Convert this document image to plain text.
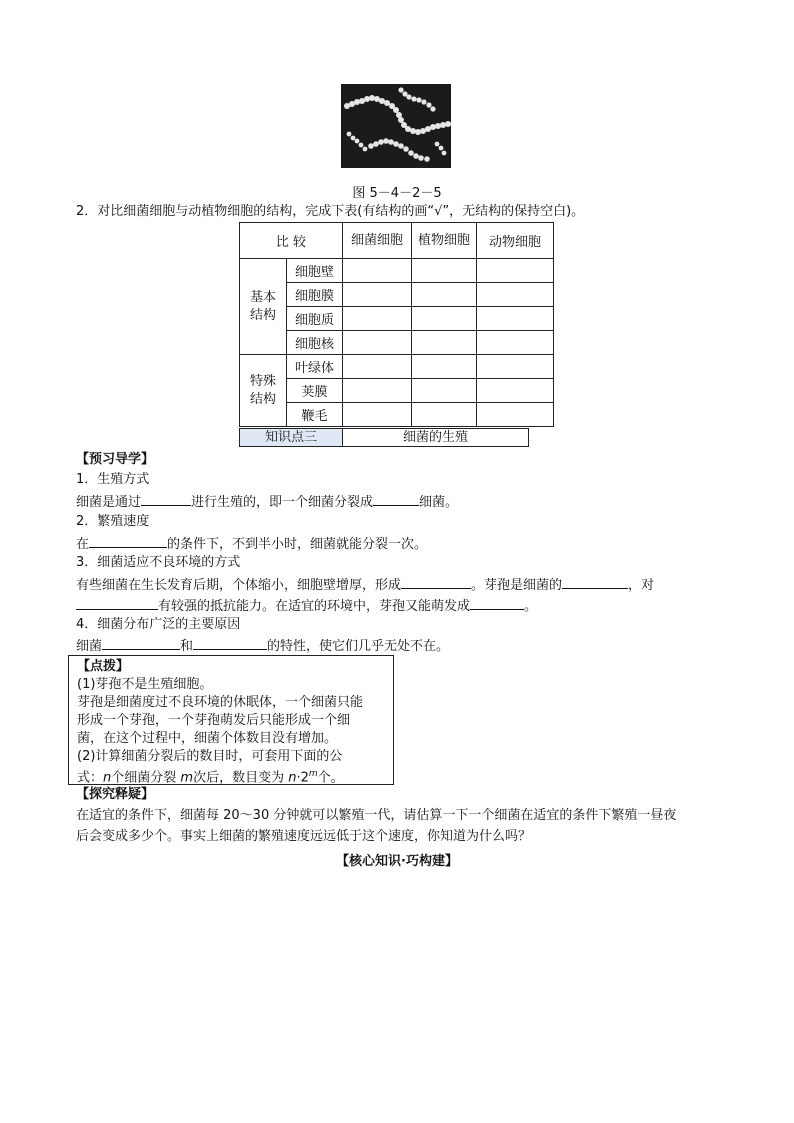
图 5－4－2－5
2．对比细菌细胞与动植物细胞的结构，完成下表(有结构的画“√”，无结构的保持空白)。
比 较		细菌细胞	植物细胞	动物细胞

基本结构	细胞壁			
	细胞膜			
	细胞质			
	细胞核			

特殊结构	叶绿体			
	荚膜			
	鞭毛			
知识点三	细菌的生殖
【预习导学】
1．生殖方式
细菌是通过	进行生殖的，即一个细菌分裂成	细菌。
2．繁殖速度
在	的条件下，不到半小时，细菌就能分裂一次。
3．细菌适应不良环境的方式
有些细菌在生长发育后期，个体缩小，细胞壁增厚，形成	。芽孢是细菌的	，对
有较强的抵抗能力。在适宜的环境中，芽孢又能萌发成	。
4．细菌分布广泛的主要原因
细菌	和	的特性，使它们几乎无处不在。
【点拨】
(1)芽孢不是生殖细胞。
芽孢是细菌度过不良环境的休眠体，一个细菌只能
形成一个芽孢，一个芽孢萌发后只能形成一个细
菌，在这个过程中，细菌个体数目没有增加。
(2)计算细菌分裂后的数目时，可套用下面的公
式：n个细菌分裂 m次后，数目变为 $n\cdot 2^m$个。
【探究释疑】
在适宜的条件下，细菌每 20～30 分钟就可以繁殖一代，请估算一下一个细菌在适宜的条件下繁殖一昼夜
后会变成多少个。事实上细菌的繁殖速度远远低于这个速度，你知道为什么吗？
【核心知识·巧构建】
